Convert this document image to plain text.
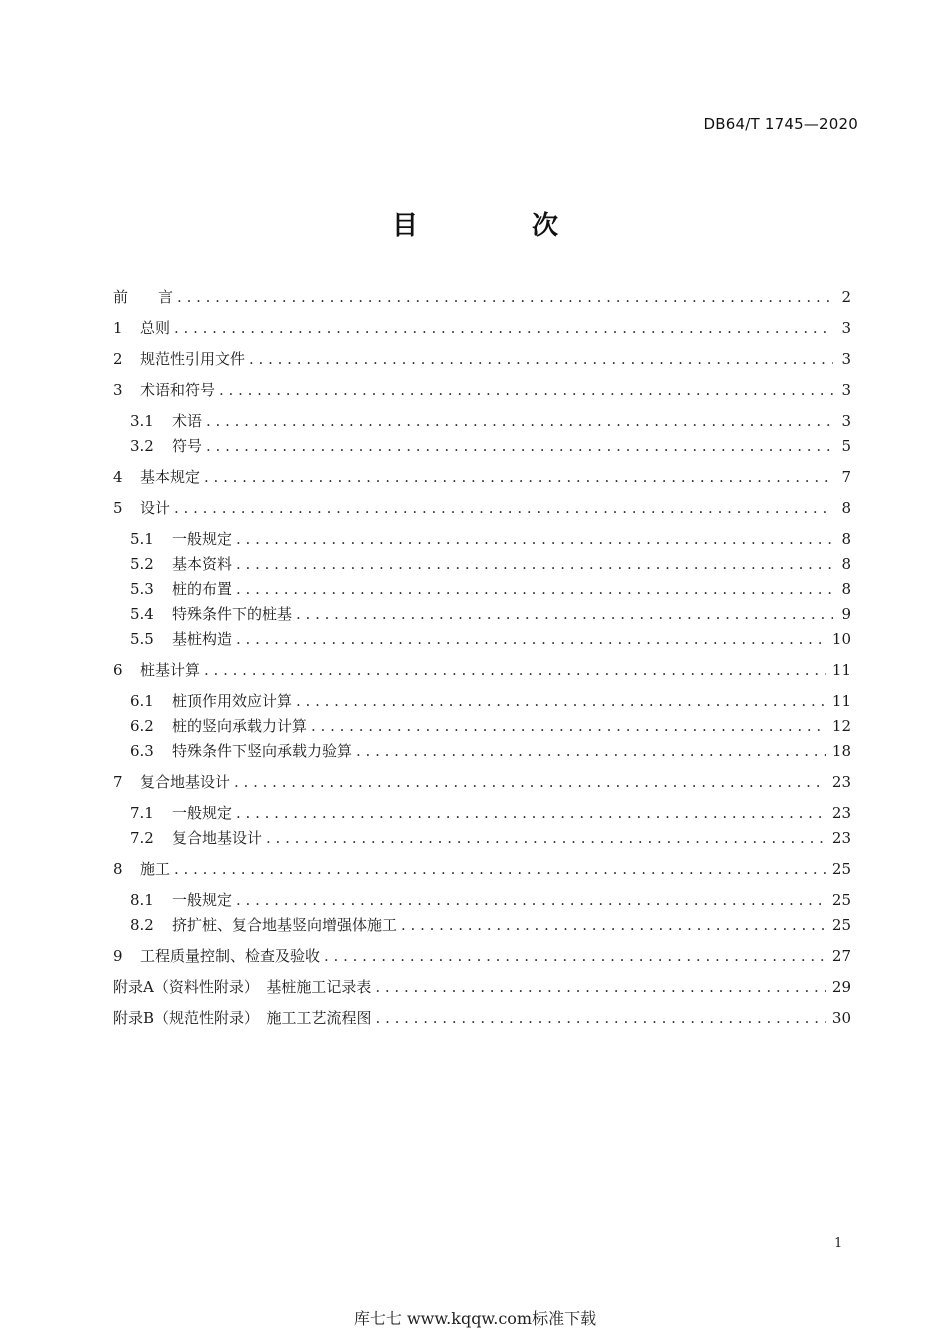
DB64/T 1745—2020
目　次
前　　言 . . .	2
1	总则 . . .	3
2	规范性引用文件 . . .	3
3	术语和符号 . . .	3
3.1	术语 . . .	3
3.2	符号 . . .	5
4	基本规定 . . .	7
5	设计 . . .	8
5.1	一般规定 . . .	8
5.2	基本资料 . . .	8
5.3	桩的布置 . . .	8
5.4	特殊条件下的桩基 . . .	9
5.5	基桩构造 . . .	10
6	桩基计算 . . .	11
6.1	桩顶作用效应计算 . . .	11
6.2	桩的竖向承载力计算 . . .	12
6.3	特殊条件下竖向承载力验算 . . .	18
7	复合地基设计 . . .	23
7.1	一般规定 . . .	23
7.2	复合地基设计 . . .	23
8	施工 . . .	25
8.1	一般规定 . . .	25
8.2	挤扩桩、复合地基竖向增强体施工 . . .	25
9	工程质量控制、检查及验收 . . .	27
附录A（资料性附录）　基桩施工记录表 . . .	29
附录B（规范性附录）　施工工艺流程图 . . .	30
1
库七七 www.kqqw.com标准下载
